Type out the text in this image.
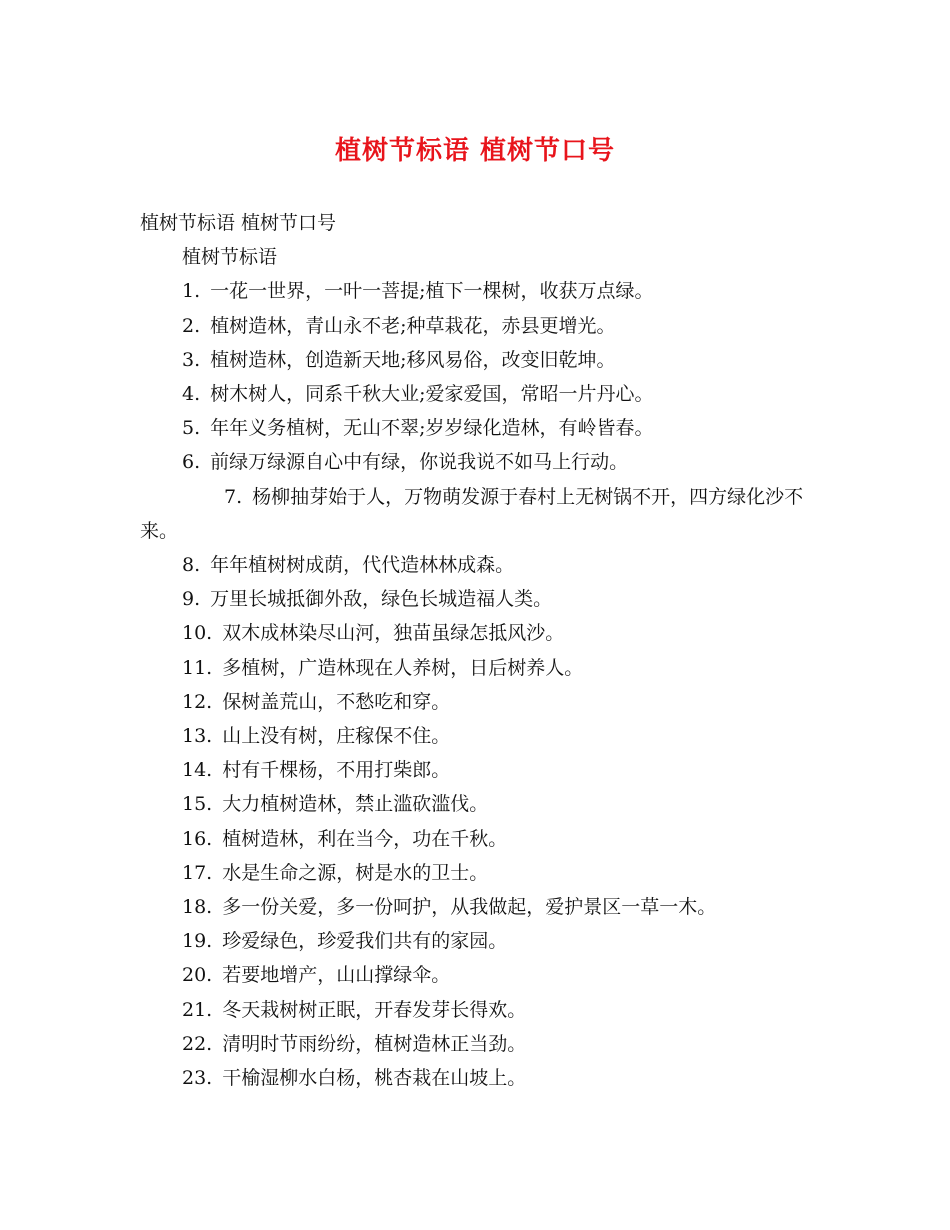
植树节标语 植树节口号

植树节标语 植树节口号

植树节标语

1. 一花一世界，一叶一菩提;植下一棵树，收获万点绿。

2. 植树造林，青山永不老;种草栽花，赤县更增光。

3. 植树造林，创造新天地;移风易俗，改变旧乾坤。

4. 树木树人，同系千秋大业;爱家爱国，常昭一片丹心。

5. 年年义务植树，无山不翠;岁岁绿化造林，有岭皆春。

6. 前绿万绿源自心中有绿，你说我说不如马上行动。

7. 杨柳抽芽始于人，万物萌发源于春村上无树锅不开，四方绿化沙不来。

8. 年年植树树成荫，代代造林林成森。

9. 万里长城抵御外敌，绿色长城造福人类。

10. 双木成林染尽山河，独苗虽绿怎抵风沙。

11. 多植树，广造林现在人养树，日后树养人。

12. 保树盖荒山，不愁吃和穿。

13. 山上没有树，庄稼保不住。

14. 村有千棵杨，不用打柴郎。

15. 大力植树造林，禁止滥砍滥伐。

16. 植树造林，利在当今，功在千秋。

17. 水是生命之源，树是水的卫士。

18. 多一份关爱，多一份呵护，从我做起，爱护景区一草一木。

19. 珍爱绿色，珍爱我们共有的家园。

20. 若要地增产，山山撑绿伞。

21. 冬天栽树树正眠，开春发芽长得欢。

22. 清明时节雨纷纷，植树造林正当劲。

23. 干榆湿柳水白杨，桃杏栽在山坡上。
